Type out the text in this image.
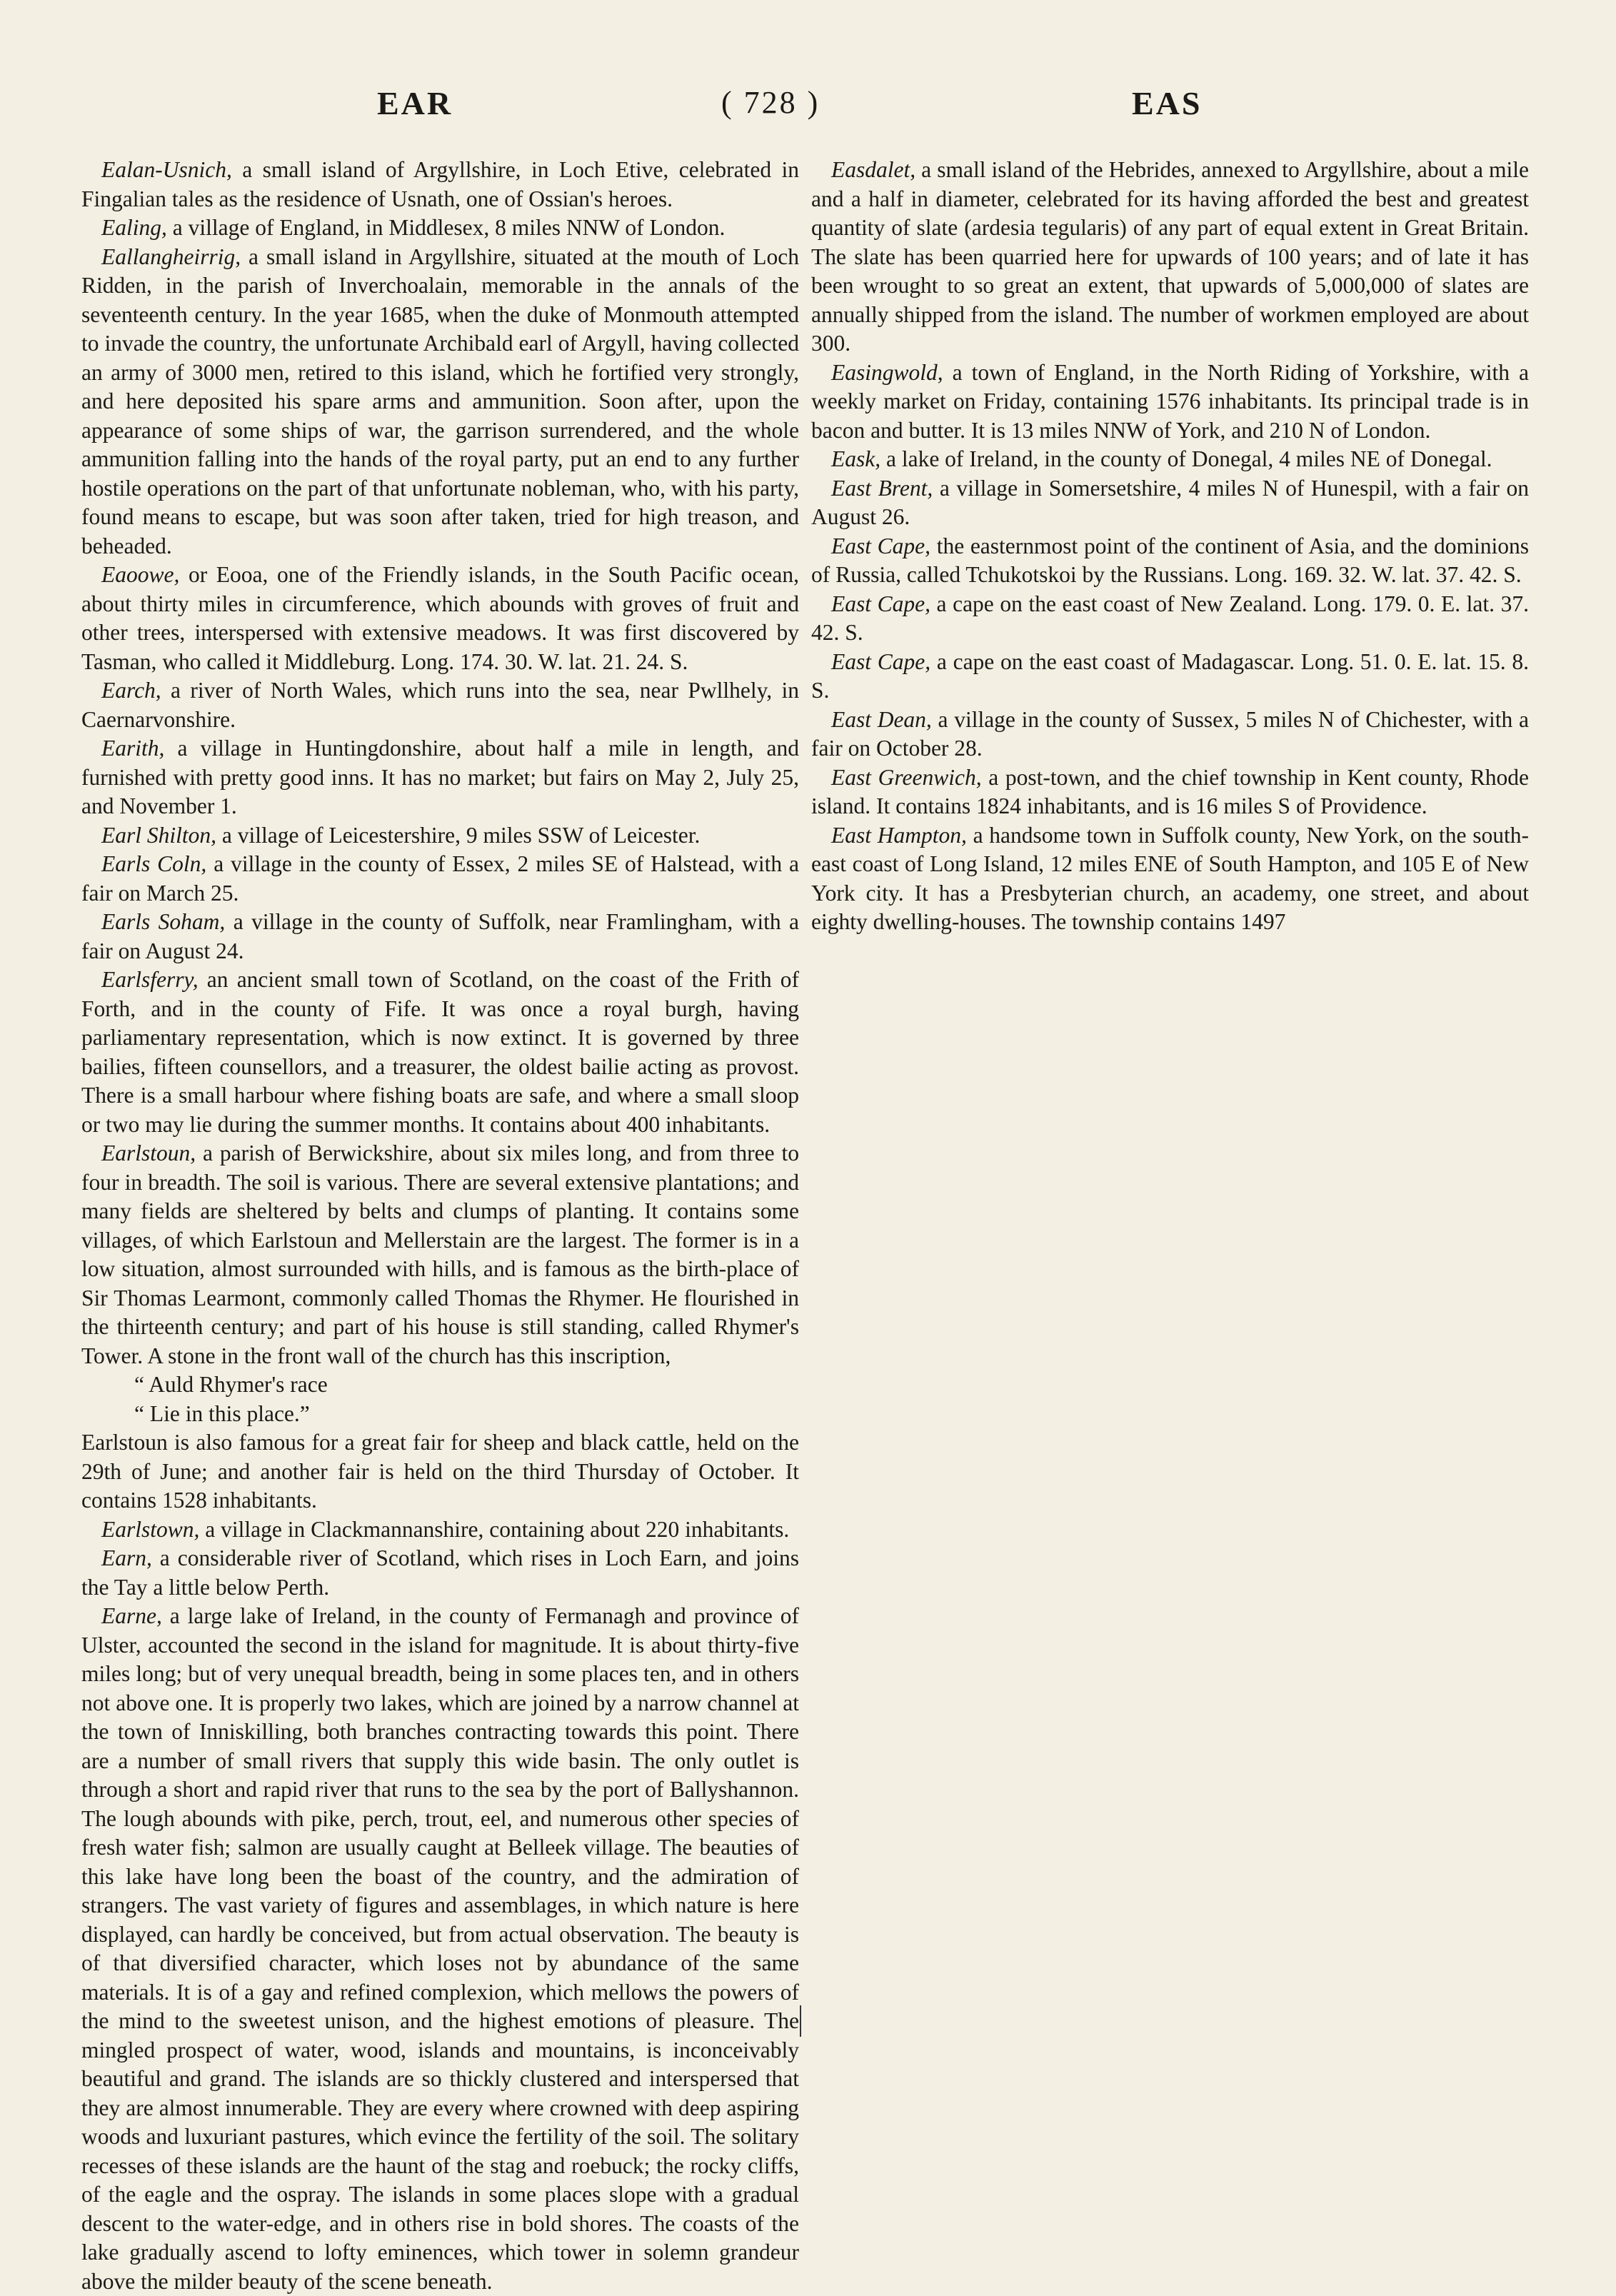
EAR	( 728 )	EAS

Ealan-Usnich, a small island of Argyllshire, in Loch Etive, celebrated in Fingalian tales as the residence of Usnath, one of Ossian's heroes.

Ealing, a village of England, in Middlesex, 8 miles NNW of London.

Eallangheirrig, a small island in Argyllshire, situated at the mouth of Loch Ridden, in the parish of Inverchoalain, memorable in the annals of the seventeenth century. In the year 1685, when the duke of Monmouth attempted to invade the country, the unfortunate Archibald earl of Argyll, having collected an army of 3000 men, retired to this island, which he fortified very strongly, and here deposited his spare arms and ammunition. Soon after, upon the appearance of some ships of war, the garrison surrendered, and the whole ammunition falling into the hands of the royal party, put an end to any further hostile operations on the part of that unfortunate nobleman, who, with his party, found means to escape, but was soon after taken, tried for high treason, and beheaded.

Eaoowe, or Eooa, one of the Friendly islands, in the South Pacific ocean, about thirty miles in circumference, which abounds with groves of fruit and other trees, interspersed with extensive meadows. It was first discovered by Tasman, who called it Middleburg. Long. 174. 30. W. lat. 21. 24. S.

Earch, a river of North Wales, which runs into the sea, near Pwllhely, in Caernarvonshire.

Earith, a village in Huntingdonshire, about half a mile in length, and furnished with pretty good inns. It has no market; but fairs on May 2, July 25, and November 1.

Earl Shilton, a village of Leicestershire, 9 miles SSW of Leicester.

Earls Coln, a village in the county of Essex, 2 miles SE of Halstead, with a fair on March 25.

Earls Soham, a village in the county of Suffolk, near Framlingham, with a fair on August 24.

Earlsferry, an ancient small town of Scotland, on the coast of the Frith of Forth, and in the county of Fife. It was once a royal burgh, having parliamentary representation, which is now extinct. It is governed by three bailies, fifteen counsellors, and a treasurer, the oldest bailie acting as provost. There is a small harbour where fishing boats are safe, and where a small sloop or two may lie during the summer months. It contains about 400 inhabitants.

Earlstoun, a parish of Berwickshire, about six miles long, and from three to four in breadth. The soil is various. There are several extensive plantations; and many fields are sheltered by belts and clumps of planting. It contains some villages, of which Earlstoun and Mellerstain are the largest. The former is in a low situation, almost surrounded with hills, and is famous as the birth-place of Sir Thomas Learmont, commonly called Thomas the Rhymer. He flourished in the thirteenth century; and part of his house is still standing, called Rhymer's Tower. A stone in the front wall of the church has this inscription,

“ Auld Rhymer's race

“ Lie in this place.”

Earlstoun is also famous for a great fair for sheep and black cattle, held on the 29th of June; and another fair is held on the third Thursday of October. It contains 1528 inhabitants.

Earlstown, a village in Clackmannanshire, containing about 220 inhabitants.

Earn, a considerable river of Scotland, which rises in Loch Earn, and joins the Tay a little below Perth.

Earne, a large lake of Ireland, in the county of Fermanagh and province of Ulster, accounted the second in the island for magnitude. It is about thirty-five miles long; but of very unequal breadth, being in some places ten, and in others not above one. It is properly two lakes, which are joined by a narrow channel at the town of Inniskilling, both branches contracting towards this point. There are a number of small rivers that supply this wide basin. The only outlet is through a short and rapid river that runs to the sea by the port of Ballyshannon. The lough abounds with pike, perch, trout, eel, and numerous other species of fresh water fish; salmon are usually caught at Belleek village. The beauties of this lake have long been the boast of the country, and the admiration of strangers. The vast variety of figures and assemblages, in which nature is here displayed, can hardly be conceived, but from actual observation. The beauty is of that diversified character, which loses not by abundance of the same materials. It is of a gay and refined complexion, which mellows the powers of the mind to the sweetest unison, and the highest emotions of pleasure. The mingled prospect of water, wood, islands and mountains, is inconceivably beautiful and grand. The islands are so thickly clustered and interspersed that they are almost innumerable. They are every where crowned with deep aspiring woods and luxuriant pastures, which evince the fertility of the soil. The solitary recesses of these islands are the haunt of the stag and roebuck; the rocky cliffs, of the eagle and the ospray. The islands in some places slope with a gradual descent to the water-edge, and in others rise in bold shores. The coasts of the lake gradually ascend to lofty eminences, which tower in solemn grandeur above the milder beauty of the scene beneath.

Easdalet, a small island of the Hebrides, annexed to Argyllshire, about a mile and a half in diameter, celebrated for its having afforded the best and greatest quantity of slate (ardesia tegularis) of any part of equal extent in Great Britain. The slate has been quarried here for upwards of 100 years; and of late it has been wrought to so great an extent, that upwards of 5,000,000 of slates are annually shipped from the island. The number of workmen employed are about 300.

Easingwold, a town of England, in the North Riding of Yorkshire, with a weekly market on Friday, containing 1576 inhabitants. Its principal trade is in bacon and butter. It is 13 miles NNW of York, and 210 N of London.

Eask, a lake of Ireland, in the county of Donegal, 4 miles NE of Donegal.

East Brent, a village in Somersetshire, 4 miles N of Hunespil, with a fair on August 26.

East Cape, the easternmost point of the continent of Asia, and the dominions of Russia, called Tchukotskoi by the Russians. Long. 169. 32. W. lat. 37. 42. S.

East Cape, a cape on the east coast of New Zealand. Long. 179. 0. E. lat. 37. 42. S.

East Cape, a cape on the east coast of Madagascar. Long. 51. 0. E. lat. 15. 8. S.

East Dean, a village in the county of Sussex, 5 miles N of Chichester, with a fair on October 28.

East Greenwich, a post-town, and the chief township in Kent county, Rhode island. It contains 1824 inhabitants, and is 16 miles S of Providence.

East Hampton, a handsome town in Suffolk county, New York, on the south-east coast of Long Island, 12 miles ENE of South Hampton, and 105 E of New York city. It has a Presbyterian church, an academy, one street, and about eighty dwelling-houses. The township contains 1497
